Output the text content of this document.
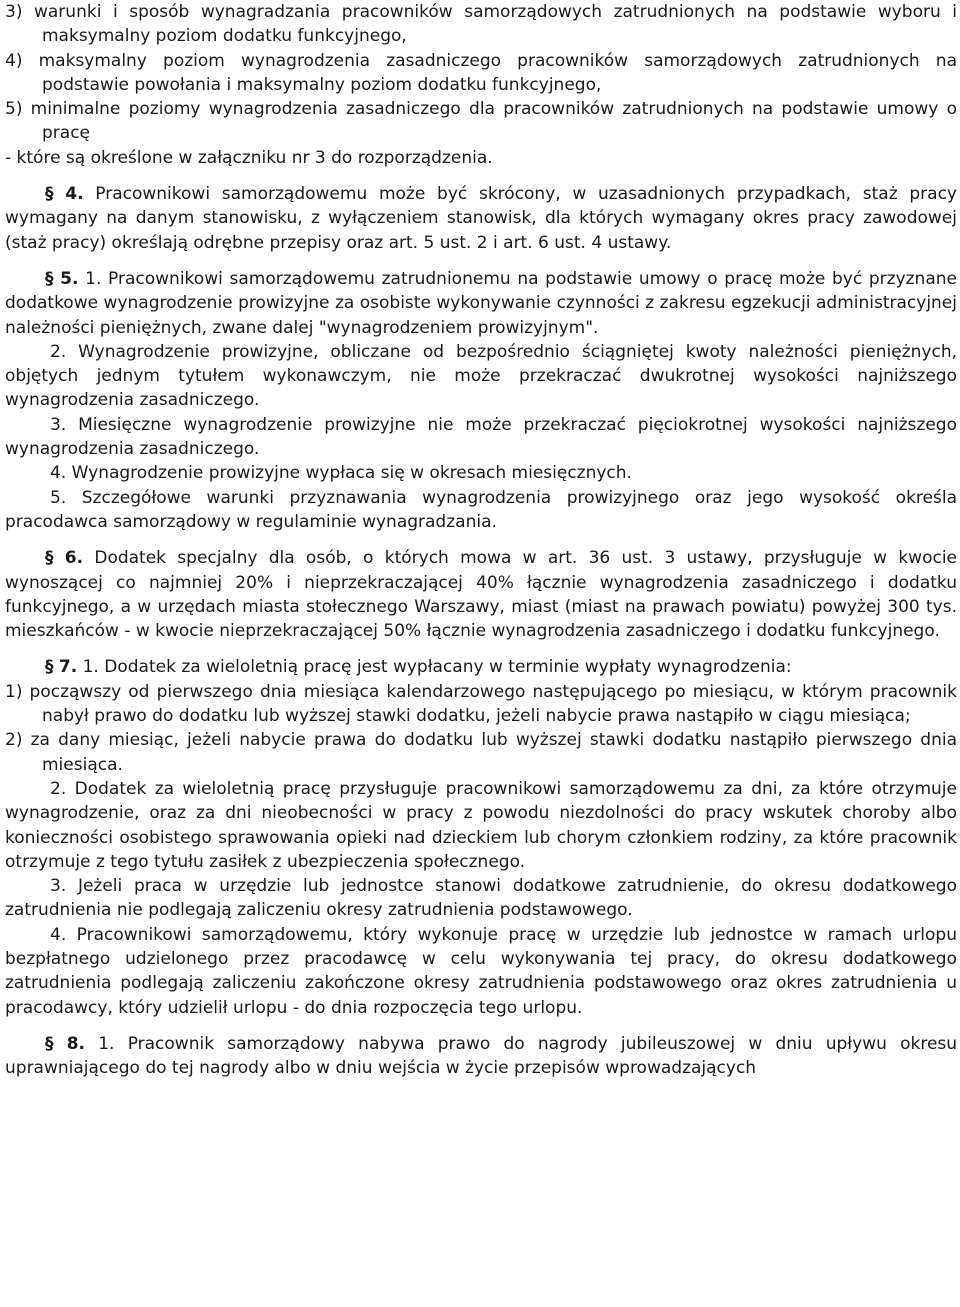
3) warunki i sposób wynagradzania pracowników samorządowych zatrudnionych na podstawie wyboru i maksymalny poziom dodatku funkcyjnego,

4) maksymalny poziom wynagrodzenia zasadniczego pracowników samorządowych zatrudnionych na podstawie powołania i maksymalny poziom dodatku funkcyjnego,

5) minimalne poziomy wynagrodzenia zasadniczego dla pracowników zatrudnionych na podstawie umowy o pracę

- które są określone w załączniku nr 3 do rozporządzenia.

§ 4. Pracownikowi samorządowemu może być skrócony, w uzasadnionych przypadkach, staż pracy wymagany na danym stanowisku, z wyłączeniem stanowisk, dla których wymagany okres pracy zawodowej (staż pracy) określają odrębne przepisy oraz art. 5 ust. 2 i art. 6 ust. 4 ustawy.

§ 5. 1. Pracownikowi samorządowemu zatrudnionemu na podstawie umowy o pracę może być przyznane dodatkowe wynagrodzenie prowizyjne za osobiste wykonywanie czynności z zakresu egzekucji administracyjnej należności pieniężnych, zwane dalej "wynagrodzeniem prowizyjnym".

2. Wynagrodzenie prowizyjne, obliczane od bezpośrednio ściągniętej kwoty należności pieniężnych, objętych jednym tytułem wykonawczym, nie może przekraczać dwukrotnej wysokości najniższego wynagrodzenia zasadniczego.

3. Miesięczne wynagrodzenie prowizyjne nie może przekraczać pięciokrotnej wysokości najniższego wynagrodzenia zasadniczego.

4. Wynagrodzenie prowizyjne wypłaca się w okresach miesięcznych.

5. Szczegółowe warunki przyznawania wynagrodzenia prowizyjnego oraz jego wysokość określa pracodawca samorządowy w regulaminie wynagradzania.

§ 6. Dodatek specjalny dla osób, o których mowa w art. 36 ust. 3 ustawy, przysługuje w kwocie wynoszącej co najmniej 20% i nieprzekraczającej 40% łącznie wynagrodzenia zasadniczego i dodatku funkcyjnego, a w urzędach miasta stołecznego Warszawy, miast (miast na prawach powiatu) powyżej 300 tys. mieszkańców - w kwocie nieprzekraczającej 50% łącznie wynagrodzenia zasadniczego i dodatku funkcyjnego.

§ 7. 1. Dodatek za wieloletnią pracę jest wypłacany w terminie wypłaty wynagrodzenia:

1) począwszy od pierwszego dnia miesiąca kalendarzowego następującego po miesiącu, w którym pracownik nabył prawo do dodatku lub wyższej stawki dodatku, jeżeli nabycie prawa nastąpiło w ciągu miesiąca;

2) za dany miesiąc, jeżeli nabycie prawa do dodatku lub wyższej stawki dodatku nastąpiło pierwszego dnia miesiąca.

2. Dodatek za wieloletnią pracę przysługuje pracownikowi samorządowemu za dni, za które otrzymuje wynagrodzenie, oraz za dni nieobecności w pracy z powodu niezdolności do pracy wskutek choroby albo konieczności osobistego sprawowania opieki nad dzieckiem lub chorym członkiem rodziny, za które pracownik otrzymuje z tego tytułu zasiłek z ubezpieczenia społecznego.

3. Jeżeli praca w urzędzie lub jednostce stanowi dodatkowe zatrudnienie, do okresu dodatkowego zatrudnienia nie podlegają zaliczeniu okresy zatrudnienia podstawowego.

4. Pracownikowi samorządowemu, który wykonuje pracę w urzędzie lub jednostce w ramach urlopu bezpłatnego udzielonego przez pracodawcę w celu wykonywania tej pracy, do okresu dodatkowego zatrudnienia podlegają zaliczeniu zakończone okresy zatrudnienia podstawowego oraz okres zatrudnienia u pracodawcy, który udzielił urlopu - do dnia rozpoczęcia tego urlopu.

§ 8. 1. Pracownik samorządowy nabywa prawo do nagrody jubileuszowej w dniu upływu okresu uprawniającego do tej nagrody albo w dniu wejścia w życie przepisów wprowadzających
